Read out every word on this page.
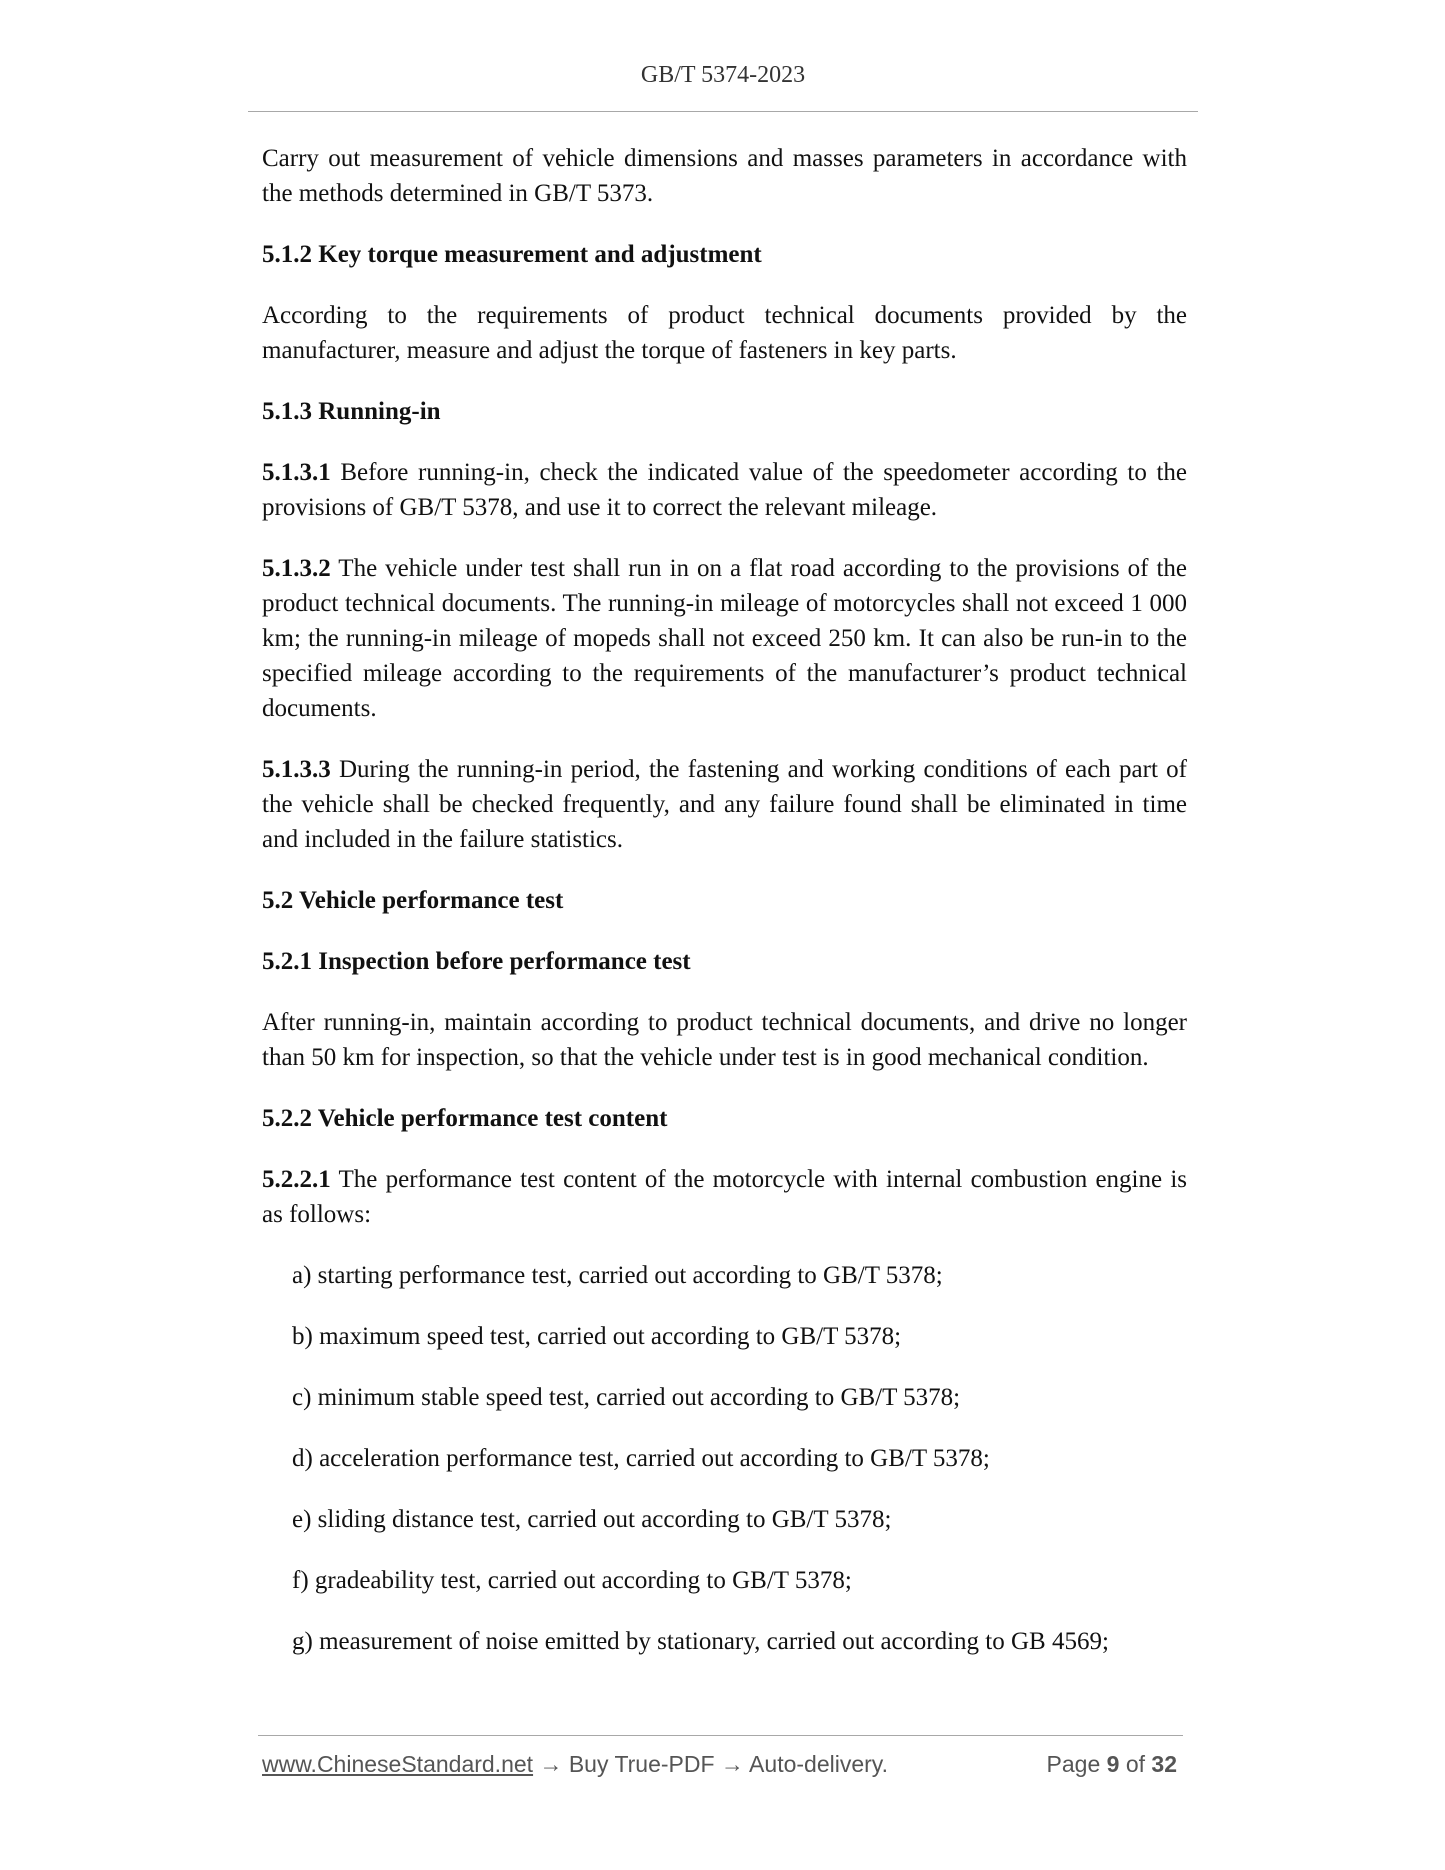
GB/T 5374-2023

Carry out measurement of vehicle dimensions and masses parameters in accordance with the methods determined in GB/T 5373.

5.1.2 Key torque measurement and adjustment

According to the requirements of product technical documents provided by the manufacturer, measure and adjust the torque of fasteners in key parts.

5.1.3 Running-in

5.1.3.1 Before running-in, check the indicated value of the speedometer according to the provisions of GB/T 5378, and use it to correct the relevant mileage.

5.1.3.2 The vehicle under test shall run in on a flat road according to the provisions of the product technical documents. The running-in mileage of motorcycles shall not exceed 1 000 km; the running-in mileage of mopeds shall not exceed 250 km. It can also be run-in to the specified mileage according to the requirements of the manufacturer’s product technical documents.

5.1.3.3 During the running-in period, the fastening and working conditions of each part of the vehicle shall be checked frequently, and any failure found shall be eliminated in time and included in the failure statistics.

5.2 Vehicle performance test
5.2.1 Inspection before performance test

After running-in, maintain according to product technical documents, and drive no longer than 50 km for inspection, so that the vehicle under test is in good mechanical condition.

5.2.2 Vehicle performance test content

5.2.2.1 The performance test content of the motorcycle with internal combustion engine is as follows:

a) starting performance test, carried out according to GB/T 5378;

b) maximum speed test, carried out according to GB/T 5378;

c) minimum stable speed test, carried out according to GB/T 5378;

d) acceleration performance test, carried out according to GB/T 5378;

e) sliding distance test, carried out according to GB/T 5378;

f) gradeability test, carried out according to GB/T 5378;

g) measurement of noise emitted by stationary, carried out according to GB 4569;

www.ChineseStandard.net → Buy True-PDF → Auto-delivery.	Page 9 of 32
